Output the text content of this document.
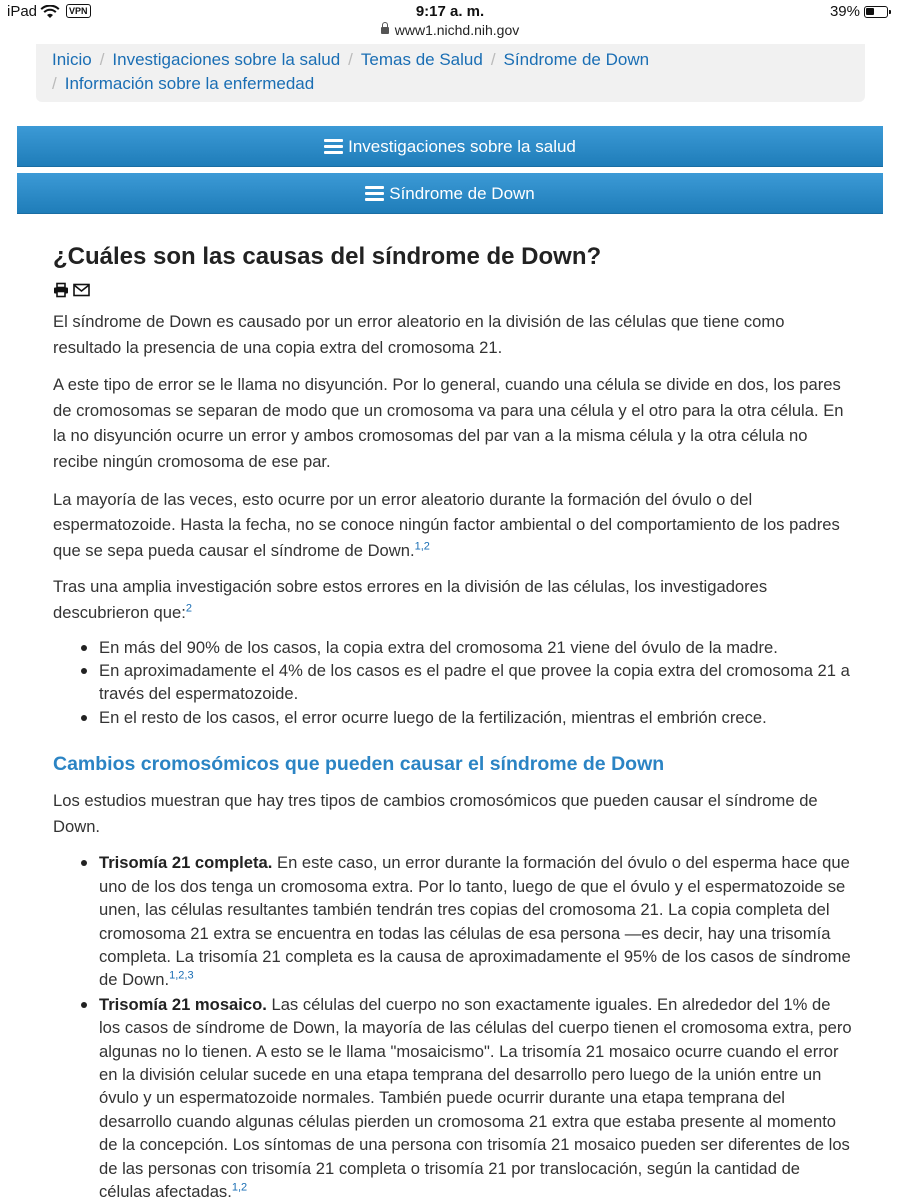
iPad	VPN	9:17 a. m.	39%
www1.nichd.nih.gov
Inicio / Investigaciones sobre la salud / Temas de Salud / Síndrome de Down
/ Información sobre la enfermedad
Investigaciones sobre la salud
Síndrome de Down
¿Cuáles son las causas del síndrome de Down?

El síndrome de Down es causado por un error aleatorio en la división de las células que tiene como resultado la presencia de una copia extra del cromosoma 21.

A este tipo de error se le llama no disyunción. Por lo general, cuando una célula se divide en dos, los pares de cromosomas se separan de modo que un cromosoma va para una célula y el otro para la otra célula. En la no disyunción ocurre un error y ambos cromosomas del par van a la misma célula y la otra célula no recibe ningún cromosoma de ese par.

La mayoría de las veces, esto ocurre por un error aleatorio durante la formación del óvulo o del espermatozoide. Hasta la fecha, no se conoce ningún factor ambiental o del comportamiento de los padres que se sepa pueda causar el síndrome de Down.$^{1,2}$

Tras una amplia investigación sobre estos errores en la división de las células, los investigadores descubrieron que:$^2$

En más del 90% de los casos, la copia extra del cromosoma 21 viene del óvulo de la madre.
En aproximadamente el 4% de los casos es el padre el que provee la copia extra del cromosoma 21 a través del espermatozoide.
En el resto de los casos, el error ocurre luego de la fertilización, mientras el embrión crece.
Cambios cromosómicos que pueden causar el síndrome de Down

Los estudios muestran que hay tres tipos de cambios cromosómicos que pueden causar el síndrome de Down.

Trisomía 21 completa. En este caso, un error durante la formación del óvulo o del esperma hace que uno de los dos tenga un cromosoma extra. Por lo tanto, luego de que el óvulo y el espermatozoide se unen, las células resultantes también tendrán tres copias del cromosoma 21. La copia completa del cromosoma 21 extra se encuentra en todas las células de esa persona —es decir, hay una trisomía completa. La trisomía 21 completa es la causa de aproximadamente el 95% de los casos de síndrome de Down.$^{1,2,3}$
Trisomía 21 mosaico. Las células del cuerpo no son exactamente iguales. En alrededor del 1% de los casos de síndrome de Down, la mayoría de las células del cuerpo tienen el cromosoma extra, pero algunas no lo tienen. A esto se le llama "mosaicismo". La trisomía 21 mosaico ocurre cuando el error en la división celular sucede en una etapa temprana del desarrollo pero luego de la unión entre un óvulo y un espermatozoide normales. También puede ocurrir durante una etapa temprana del desarrollo cuando algunas células pierden un cromosoma 21 extra que estaba presente al momento de la concepción. Los síntomas de una persona con trisomía 21 mosaico pueden ser diferentes de los de las personas con trisomía 21 completa o trisomía 21 por translocación, según la cantidad de células afectadas.$^{1,2}$
